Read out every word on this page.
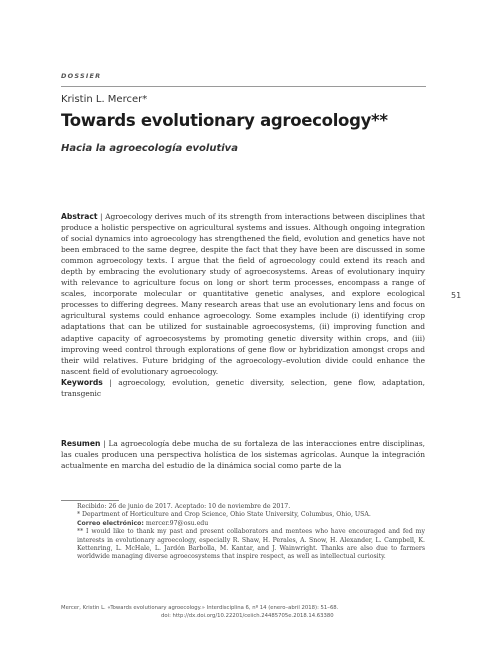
DOSSIER
Kristin L. Mercer*
Towards evolutionary agroecology**
Hacia la agroecología evolutiva
Abstract | Agroecology derives much of its strength from interactions between disciplines that produce a holistic perspective on agricultural systems and issues. Although ongoing integration of social dynamics into agroecology has strengthened the field, evolution and genetics have not been embraced to the same degree, despite the fact that they have been are discussed in some common agroecology texts. I argue that the field of agroecology could extend its reach and depth by embracing the evolutionary study of agroecosystems. Areas of evolutionary inquiry with relevance to agriculture focus on long or short term processes, encompass a range of scales, incorporate molecular or quantitative genetic analyses, and explore ecological processes to differing degrees. Many research areas that use an evolutionary lens and focus on agricultural systems could enhance agroecology. Some examples include (i) identifying crop adaptations that can be utilized for sustainable agroecosystems, (ii) improving function and adaptive capacity of agroecosystems by promoting genetic diversity within crops, and (iii) improving weed control through explorations of gene flow or hybridization amongst crops and their wild relatives. Future bridging of the agroecology–evolution divide could enhance the nascent field of evolutionary agroecology.
Keywords | agroecology, evolution, genetic diversity, selection, gene flow, adaptation, transgenic
51
Resumen | La agroecología debe mucha de su fortaleza de las interacciones entre disciplinas, las cuales producen una perspectiva holística de los sistemas agrícolas. Aunque la integración actualmente en marcha del estudio de la dinámica social como parte de la

Recibido: 26 de junio de 2017. Aceptado: 10 de noviembre de 2017.

* Department of Horticulture and Crop Science, Ohio State University, Columbus, Ohio, USA.

Correo electrónico: mercer.97@osu.edu

** I would like to thank my past and present collaborators and mentees who have encouraged and fed my interests in evolutionary agroecology, especially R. Shaw, H. Perales, A. Snow, H. Alexander, L. Campbell, K. Kettenring, L. McHale, L. Jardón Barbolla, M. Kantar, and J. Wainwright. Thanks are also due to farmers worldwide managing diverse agroecosystems that inspire respect, as well as intellectual curiosity.

Mercer, Kristin L. «Towards evolutionary agroecology.» Interdisciplina 6, nº 14 (enero–abril 2018): 51–68.

doi: http://dx.doi.org/10.22201/ceiich.24485705e.2018.14.63380
